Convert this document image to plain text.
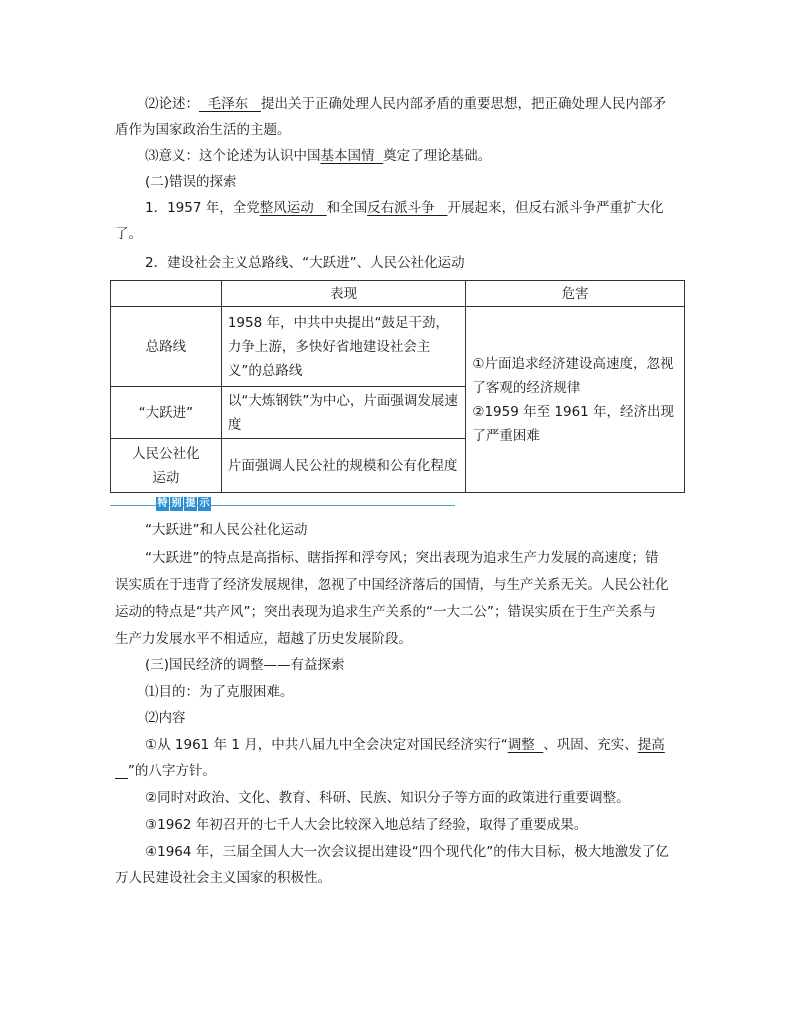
⑵论述： 毛泽东 提出关于正确处理人民内部矛盾的重要思想，把正确处理人民内部矛
盾作为国家政治生活的主题。
⑶意义：这个论述为认识中国基本国情 奠定了理论基础。
(二)错误的探索
1．1957 年，全党整风运动 和全国反右派斗争 开展起来，但反右派斗争严重扩大化
了。
2．建设社会主义总路线、“大跃进”、人民公社化运动
	表现	危害
总路线	1958 年，中共中央提出“鼓足干劲，力争上游，多快好省地建设社会主义”的总路线	①片面追求经济建设高速度，忽视了客观的经济规律
②1959 年至 1961 年，经济出现了严重困难

“大跃进”	以“大炼钢铁”为中心，片面强调发展速度	
人民公社化运动	片面强调人民公社的规模和公有化程度	
特 别 提 示
“大跃进”和人民公社化运动
“大跃进”的特点是高指标、瞎指挥和浮夸风；突出表现为追求生产力发展的高速度；错
误实质在于违背了经济发展规律，忽视了中国经济落后的国情，与生产关系无关。人民公社化
运动的特点是“共产风”；突出表现为追求生产关系的“一大二公”；错误实质在于生产关系与
生产力发展水平不相适应，超越了历史发展阶段。
(三)国民经济的调整——有益探索
⑴目的：为了克服困难。
⑵内容
①从 1961 年 1 月，中共八届九中全会决定对国民经济实行“调整 、巩固、充实、提高
”的八字方针。
②同时对政治、文化、教育、科研、民族、知识分子等方面的政策进行重要调整。
③1962 年初召开的七千人大会比较深入地总结了经验，取得了重要成果。
④1964 年，三届全国人大一次会议提出建设“四个现代化”的伟大目标，极大地激发了亿
万人民建设社会主义国家的积极性。
